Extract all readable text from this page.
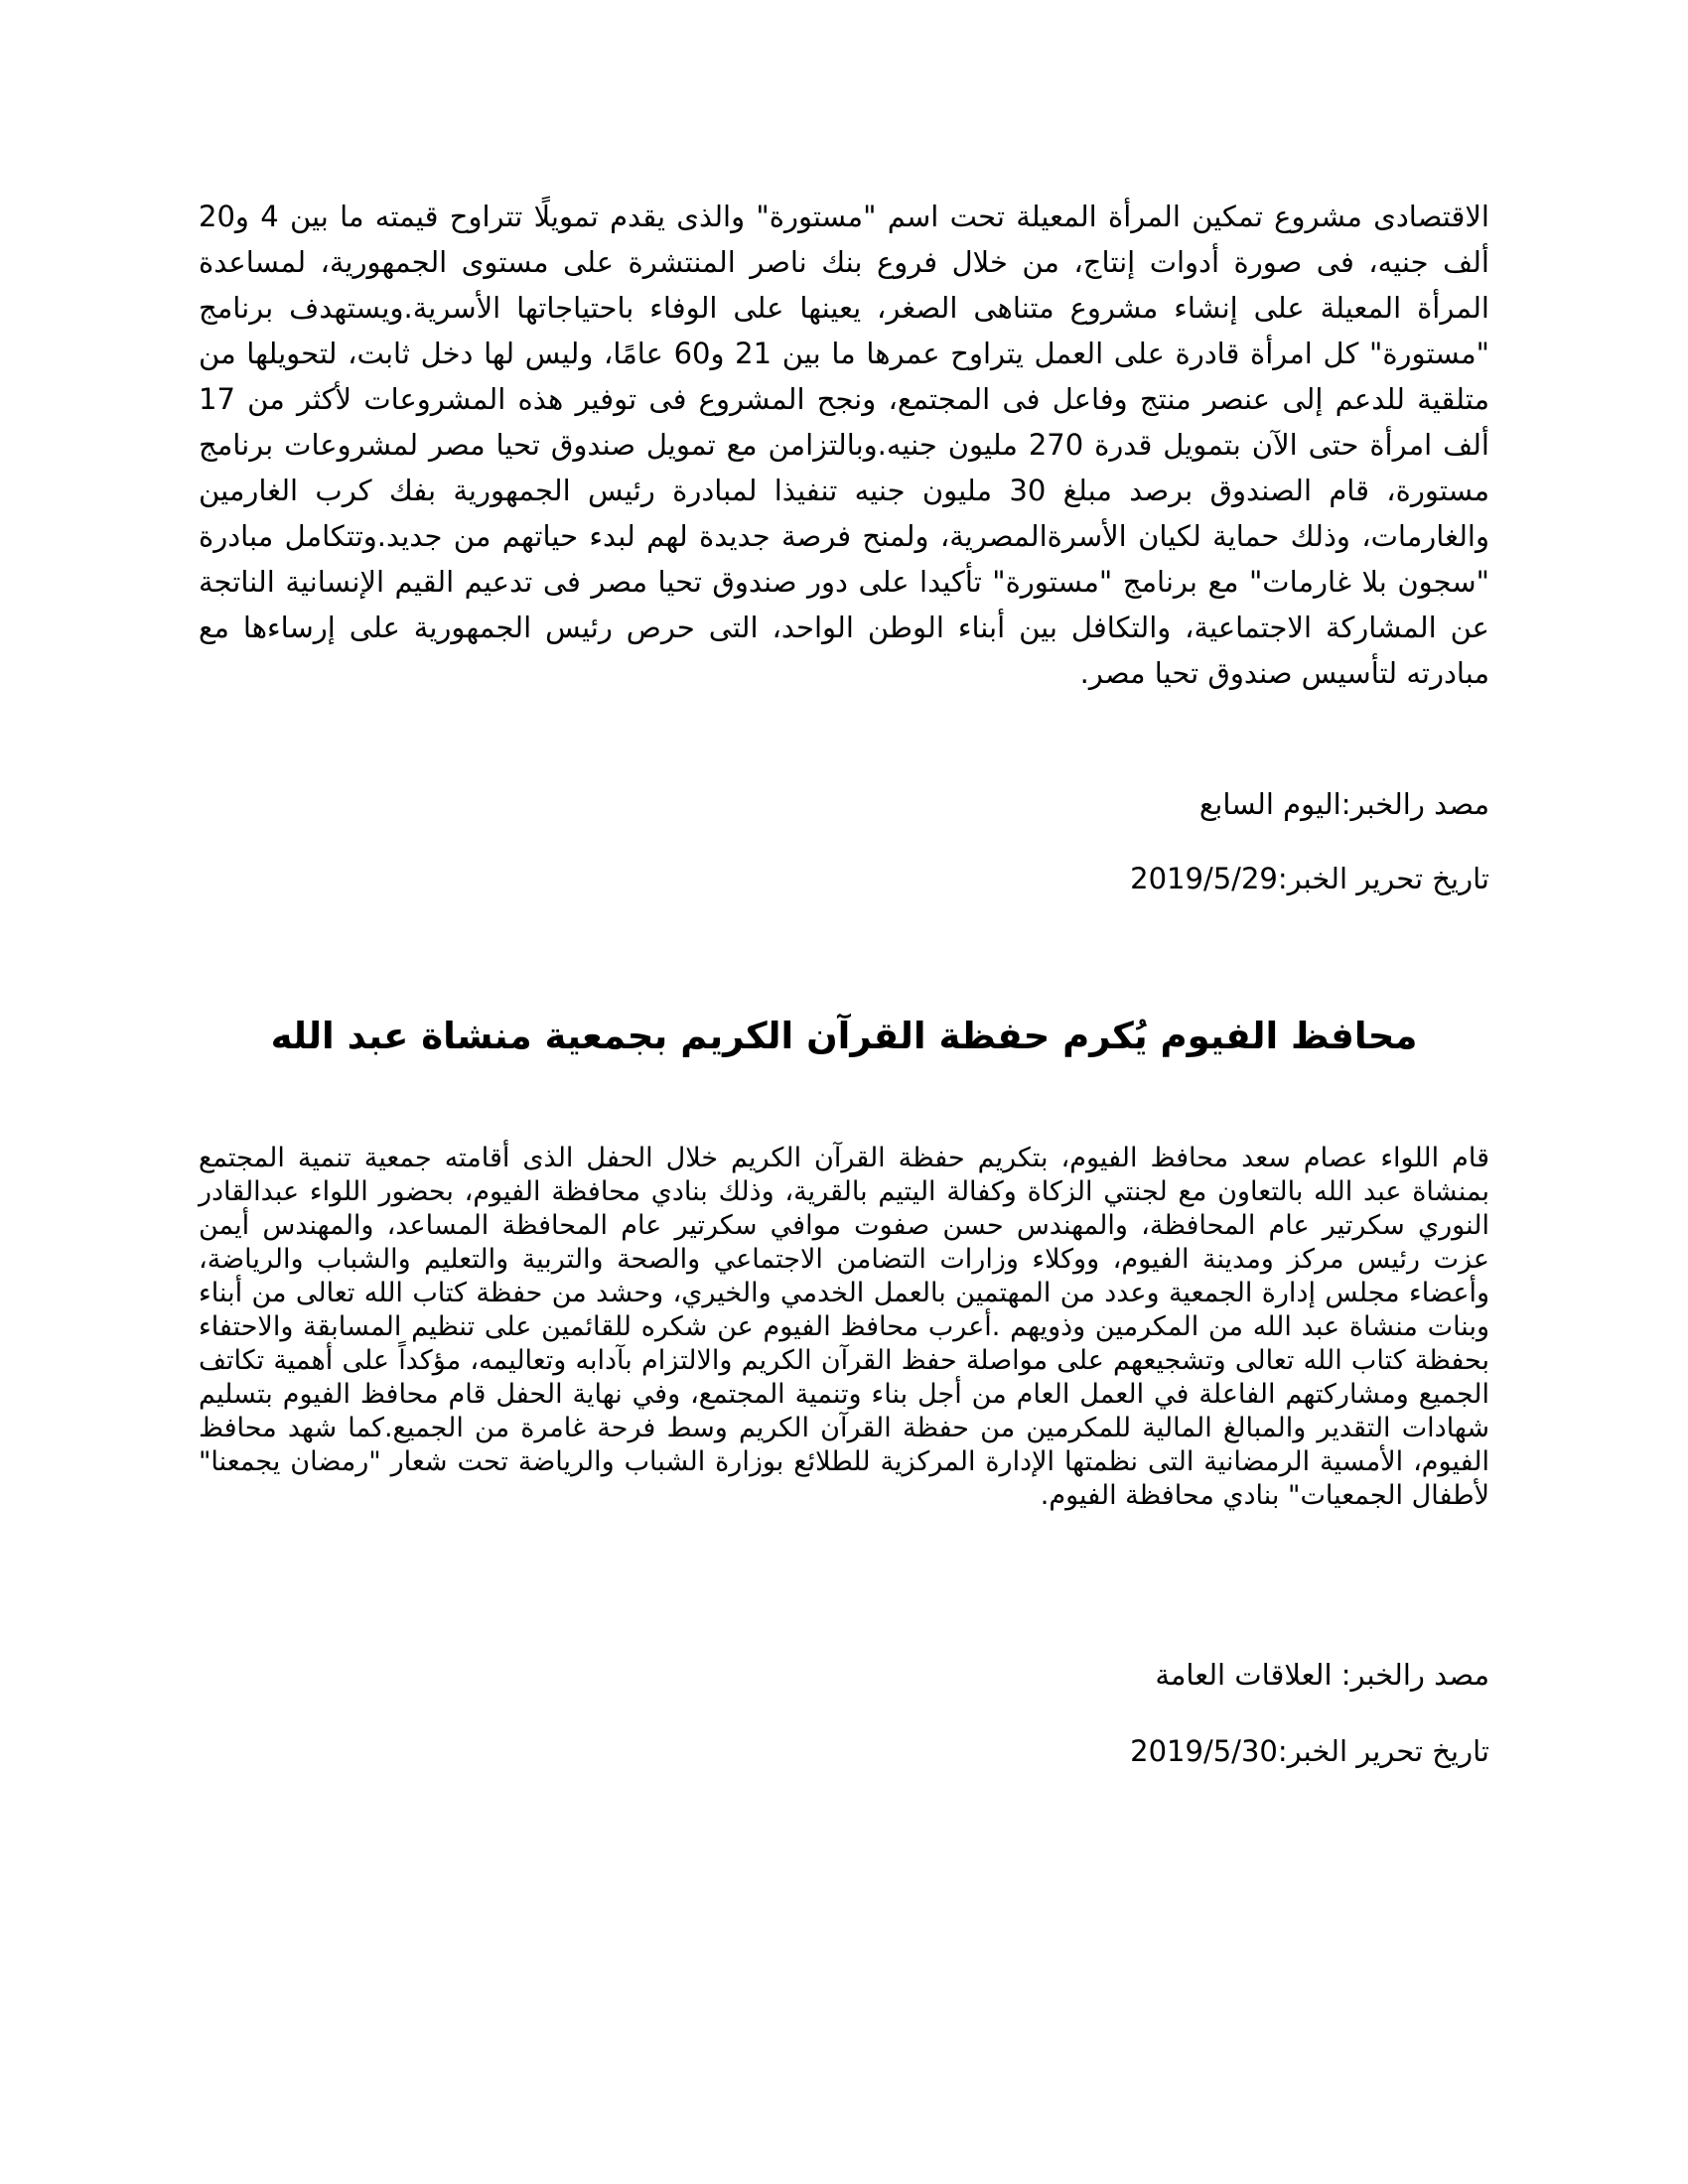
الاقتصادى مشروع تمكين المرأة المعيلة تحت اسم "مستورة" والذى يقدم تمويلًا تتراوح قيمته ما بين 4 و20 ألف جنيه، فى صورة أدوات إنتاج، من خلال فروع بنك ناصر المنتشرة على مستوى الجمهورية، لمساعدة المرأة المعيلة على إنشاء مشروع متناهى الصغر، يعينها على الوفاء باحتياجاتها الأسرية.ويستهدف برنامج "مستورة" كل امرأة قادرة على العمل يتراوح عمرها ما بين 21 و60 عامًا، وليس لها دخل ثابت، لتحويلها من متلقية للدعم إلى عنصر منتج وفاعل فى المجتمع، ونجح المشروع فى توفير هذه المشروعات لأكثر من 17 ألف امرأة حتى الآن بتمويل قدرة 270 مليون جنيه.وبالتزامن مع تمويل صندوق تحيا مصر لمشروعات برنامج مستورة، قام الصندوق برصد مبلغ 30 مليون جنيه تنفيذا لمبادرة رئيس الجمهورية بفك كرب الغارمين والغارمات، وذلك حماية لكيان الأسرةالمصرية، ولمنح فرصة جديدة لهم لبدء حياتهم من جديد.وتتكامل مبادرة "سجون بلا غارمات" مع برنامج "مستورة" تأكيدا على دور صندوق تحيا مصر فى تدعيم القيم الإنسانية الناتجة عن المشاركة الاجتماعية، والتكافل بين أبناء الوطن الواحد، التى حرص رئيس الجمهورية على إرساءها مع مبادرته لتأسيس صندوق تحيا مصر.
مصد رالخبر:اليوم السابع
تاريخ تحرير الخبر:2019/5/29
محافظ الفيوم يُكرم حفظة القرآن الكريم بجمعية منشاة عبد الله
قام اللواء عصام سعد محافظ الفيوم، بتكريم حفظة القرآن الكريم خلال الحفل الذى أقامته جمعية تنمية المجتمع بمنشاة عبد الله بالتعاون مع لجنتي الزكاة وكفالة اليتيم بالقرية، وذلك بنادي محافظة الفيوم، بحضور اللواء عبدالقادر النوري سكرتير عام المحافظة، والمهندس حسن صفوت موافي سكرتير عام المحافظة المساعد، والمهندس أيمن عزت رئيس مركز ومدينة الفيوم، ووكلاء وزارات التضامن الاجتماعي والصحة والتربية والتعليم والشباب والرياضة، وأعضاء مجلس إدارة الجمعية وعدد من المهتمين بالعمل الخدمي والخيري، وحشد من حفظة كتاب الله تعالى من أبناء وبنات منشاة عبد الله من المكرمين وذويهم .أعرب محافظ الفيوم عن شكره للقائمين على تنظيم المسابقة والاحتفاء بحفظة كتاب الله تعالى وتشجيعهم على مواصلة حفظ القرآن الكريم والالتزام بآدابه وتعاليمه، مؤكداً على أهمية تكاتف الجميع ومشاركتهم الفاعلة في العمل العام من أجل بناء وتنمية المجتمع، وفي نهاية الحفل قام محافظ الفيوم بتسليم شهادات التقدير والمبالغ المالية للمكرمين من حفظة القرآن الكريم وسط فرحة غامرة من الجميع.كما شهد محافظ الفيوم، الأمسية الرمضانية التى نظمتها الإدارة المركزية للطلائع بوزارة الشباب والرياضة تحت شعار "رمضان يجمعنا" لأطفال الجمعيات" بنادي محافظة الفيوم.
مصد رالخبر: العلاقات العامة
تاريخ تحرير الخبر:2019/5/30
